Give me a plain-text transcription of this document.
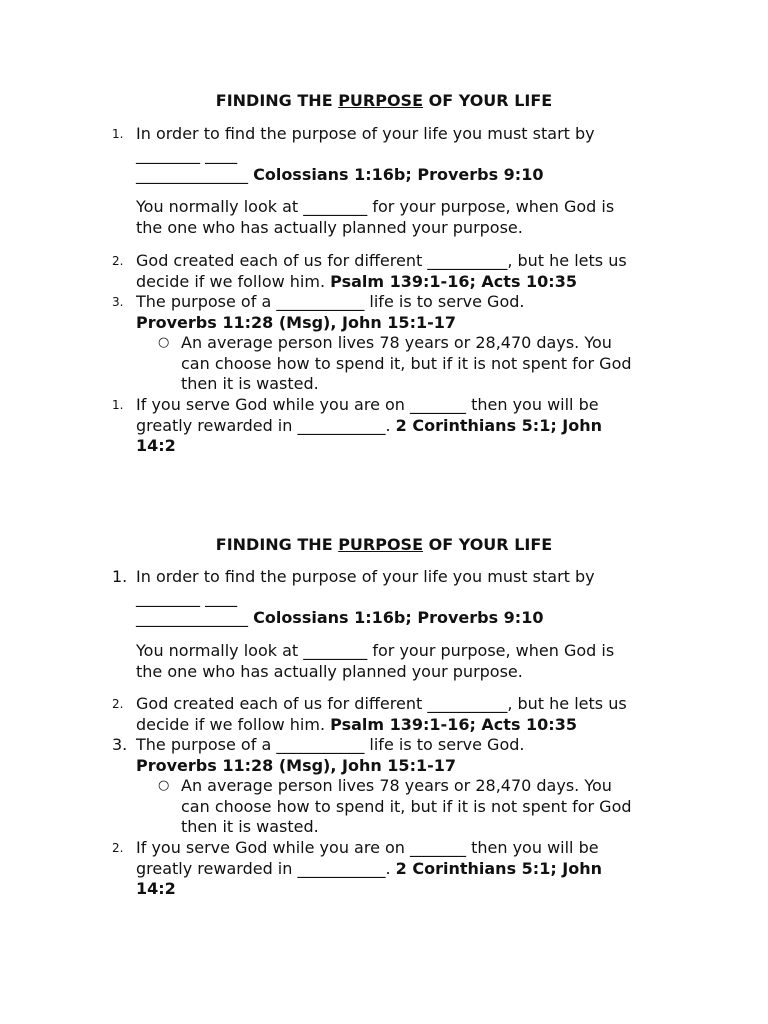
FINDING THE PURPOSE OF YOUR LIFE
1. In order to find the purpose of your life you must start by
________ ____
______________ Colossians 1:16b; Proverbs 9:10
You normally look at ________ for your purpose, when God is
the one who has actually planned your purpose.
2. God created each of us for different __________, but he lets us
decide if we follow him. Psalm 139:1-16; Acts 10:35
3. The purpose of a ___________ life is to serve God.
Proverbs 11:28 (Msg), John 15:1-17
○ An average person lives 78 years or 28,470 days. You
can choose how to spend it, but if it is not spent for God
then it is wasted.
1. If you serve God while you are on _______ then you will be
greatly rewarded in ___________. 2 Corinthians 5:1; John
14:2
FINDING THE PURPOSE OF YOUR LIFE
1. In order to find the purpose of your life you must start by
________ ____
______________ Colossians 1:16b; Proverbs 9:10
You normally look at ________ for your purpose, when God is
the one who has actually planned your purpose.
2. God created each of us for different __________, but he lets us
decide if we follow him. Psalm 139:1-16; Acts 10:35
3. The purpose of a ___________ life is to serve God.
Proverbs 11:28 (Msg), John 15:1-17
○ An average person lives 78 years or 28,470 days. You
can choose how to spend it, but if it is not spent for God
then it is wasted.
2. If you serve God while you are on _______ then you will be
greatly rewarded in ___________. 2 Corinthians 5:1; John
14:2
